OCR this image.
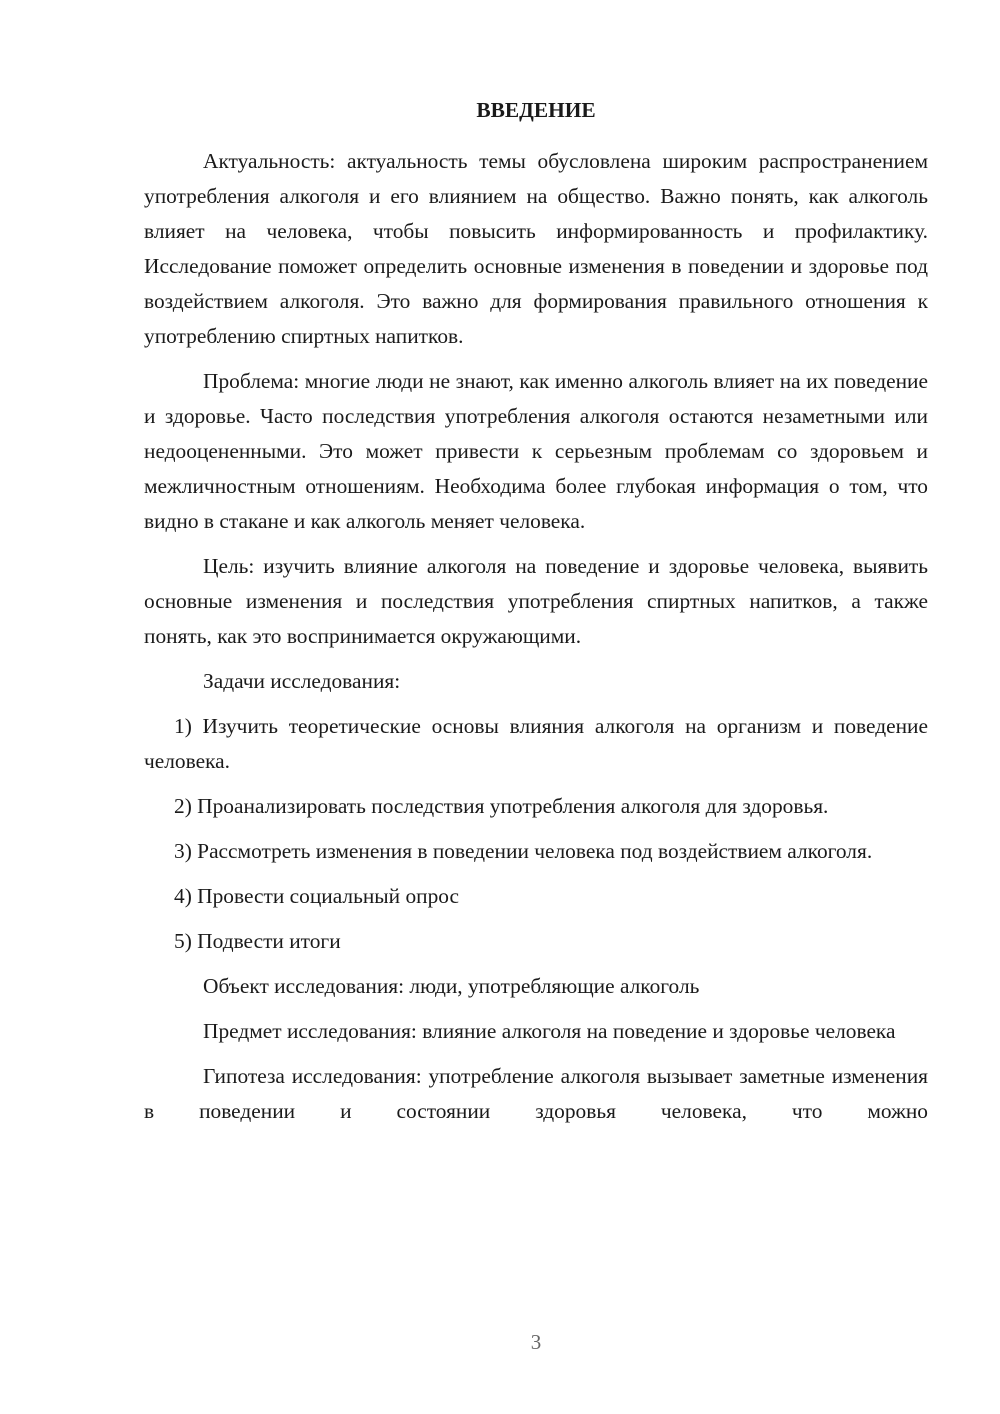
ВВЕДЕНИЕ

Актуальность: актуальность темы обусловлена широким распространением употребления алкоголя и его влиянием на общество. Важно понять, как алкоголь влияет на человека, чтобы повысить информированность и профилактику. Исследование поможет определить основные изменения в поведении и здоровье под воздействием алкоголя. Это важно для формирования правильного отношения к употреблению спиртных напитков.

Проблема: многие люди не знают, как именно алкоголь влияет на их поведение и здоровье. Часто последствия употребления алкоголя остаются незаметными или недооцененными. Это может привести к серьезным проблемам со здоровьем и межличностным отношениям. Необходима более глубокая информация о том, что видно в стакане и как алкоголь меняет человека.

Цель: изучить влияние алкоголя на поведение и здоровье человека, выявить основные изменения и последствия употребления спиртных напитков, а также понять, как это воспринимается окружающими.

Задачи исследования:

1) Изучить теоретические основы влияния алкоголя на организм и поведение человека.

2) Проанализировать последствия употребления алкоголя для здоровья.

3) Рассмотреть изменения в поведении человека под воздействием алкоголя.

4) Провести социальный опрос

5) Подвести итоги

Объект исследования: люди, употребляющие алкоголь

Предмет исследования: влияние алкоголя на поведение и здоровье человека

Гипотеза исследования: употребление алкоголя вызывает заметные изменения в поведении и состоянии здоровья человека, что можно

3
